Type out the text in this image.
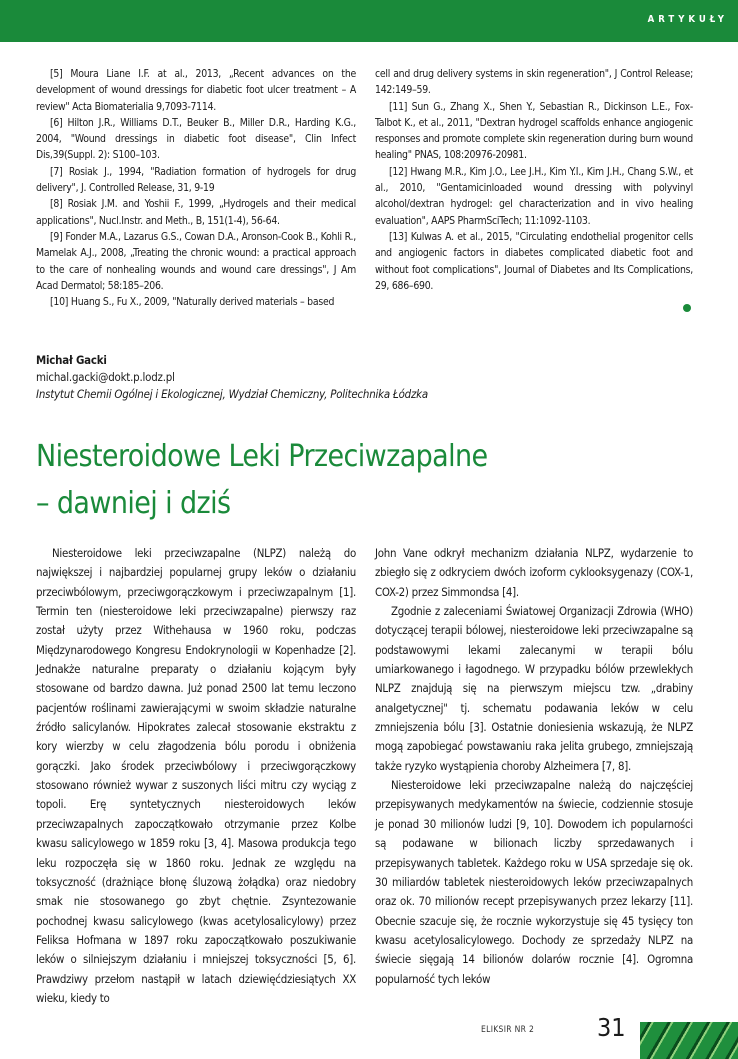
ARTYKUŁY

[5] Moura Liane I.F. at al., 2013, „Recent advances on the development of wound dressings for diabetic foot ulcer treatment – A review" Acta Biomaterialia 9,7093-7114.

[6] Hilton J.R., Williams D.T., Beuker B., Miller D.R., Harding K.G., 2004, "Wound dressings in diabetic foot disease", Clin Infect Dis,39(Suppl. 2): S100–103.

[7] Rosiak J., 1994, "Radiation formation of hydrogels for drug delivery", J. Controlled Release, 31, 9-19

[8] Rosiak J.M. and Yoshii F., 1999, „Hydrogels and their medical applications", Nucl.Instr. and Meth., B, 151(1-4), 56-64.

[9] Fonder M.A., Lazarus G.S., Cowan D.A., Aronson-Cook B., Kohli R., Mamelak A.J., 2008, „Treating the chronic wound: a practical approach to the care of nonhealing wounds and wound care dressings", J Am Acad Dermatol; 58:185–206.

[10] Huang S., Fu X., 2009, "Naturally derived materials – based

cell and drug delivery systems in skin regeneration", J Control Release; 142:149–59.

[11] Sun G., Zhang X., Shen Y., Sebastian R., Dickinson L.E., Fox-Talbot K., et al., 2011, "Dextran hydrogel scaffolds enhance angiogenic responses and promote complete skin regeneration during burn wound healing" PNAS, 108:20976-20981.

[12] Hwang M.R., Kim J.O., Lee J.H., Kim Y.I., Kim J.H., Chang S.W., et al., 2010, "Gentamicinloaded wound dressing with polyvinyl alcohol/dextran hydrogel: gel characterization and in vivo healing evaluation", AAPS PharmSciTech; 11:1092-1103.

[13] Kulwas A. et al., 2015, "Circulating endothelial progenitor cells and angiogenic factors in diabetes complicated diabetic foot and without foot complications", Journal of Diabetes and Its Complications, 29, 686–690.

Michał Gacki
michal.gacki@dokt.p.lodz.pl
Instytut Chemii Ogólnej i Ekologicznej, Wydział Chemiczny, Politechnika Łódzka
Niesteroidowe Leki Przeciwzapalne
– dawniej i dziś

Niesteroidowe leki przeciwzapalne (NLPZ) należą do największej i najbardziej popularnej grupy leków o działaniu przeciwbólowym, przeciwgorączkowym i przeciwzapalnym [1]. Termin ten (niesteroidowe leki przeciwzapalne) pierwszy raz został użyty przez Withehausa w 1960 roku, podczas Międzynarodowego Kongresu Endokrynologii w Kopenhadze [2]. Jednakże naturalne preparaty o działaniu kojącym były stosowane od bardzo dawna. Już ponad 2500 lat temu leczono pacjentów roślinami zawierającymi w swoim składzie naturalne źródło salicylanów. Hipokrates zalecał stosowanie ekstraktu z kory wierzby w celu złagodzenia bólu porodu i obniżenia gorączki. Jako środek przeciwbólowy i przeciwgorączkowy stosowano również wywar z suszonych liści mitru czy wyciąg z topoli. Erę syntetycznych niesteroidowych leków przeciwzapalnych zapoczątkowało otrzymanie przez Kolbe kwasu salicylowego w 1859 roku [3, 4]. Masowa produkcja tego leku rozpoczęła się w 1860 roku. Jednak ze względu na toksyczność (drażniące błonę śluzową żołądka) oraz niedobry smak nie stosowanego go zbyt chętnie. Zsyntezowanie pochodnej kwasu salicylowego (kwas acetylosalicylowy) przez Feliksa Hofmana w 1897 roku zapoczątkowało poszukiwanie leków o silniejszym działaniu i mniejszej toksyczności [5, 6]. Prawdziwy przełom nastąpił w latach dziewięćdziesiątych XX wieku, kiedy to

John Vane odkrył mechanizm działania NLPZ, wydarzenie to zbiegło się z odkryciem dwóch izoform cyklooksygenazy (COX-1, COX-2) przez Simmondsa [4].

Zgodnie z zaleceniami Światowej Organizacji Zdrowia (WHO) dotyczącej terapii bólowej, niesteroidowe leki przeciwzapalne są podstawowymi lekami zalecanymi w terapii bólu umiarkowanego i łagodnego. W przypadku bólów przewlekłych NLPZ znajdują się na pierwszym miejscu tzw. „drabiny analgetycznej" tj. schematu podawania leków w celu zmniejszenia bólu [3]. Ostatnie doniesienia wskazują, że NLPZ mogą zapobiegać powstawaniu raka jelita grubego, zmniejszają także ryzyko wystąpienia choroby Alzheimera [7, 8].

Niesteroidowe leki przeciwzapalne należą do najczęściej przepisywanych medykamentów na świecie, codziennie stosuje je ponad 30 milionów ludzi [9, 10]. Dowodem ich popularności są podawane w bilionach liczby sprzedawanych i przepisywanych tabletek. Każdego roku w USA sprzedaje się ok. 30 miliardów tabletek niesteroidowych leków przeciwzapalnych oraz ok. 70 milionów recept przepisywanych przez lekarzy [11]. Obecnie szacuje się, że rocznie wykorzystuje się 45 tysięcy ton kwasu acetylosalicylowego. Dochody ze sprzedaży NLPZ na świecie sięgają 14 bilionów dolarów rocznie [4]. Ogromna popularność tych leków

ELIKSIR NR 2	31
